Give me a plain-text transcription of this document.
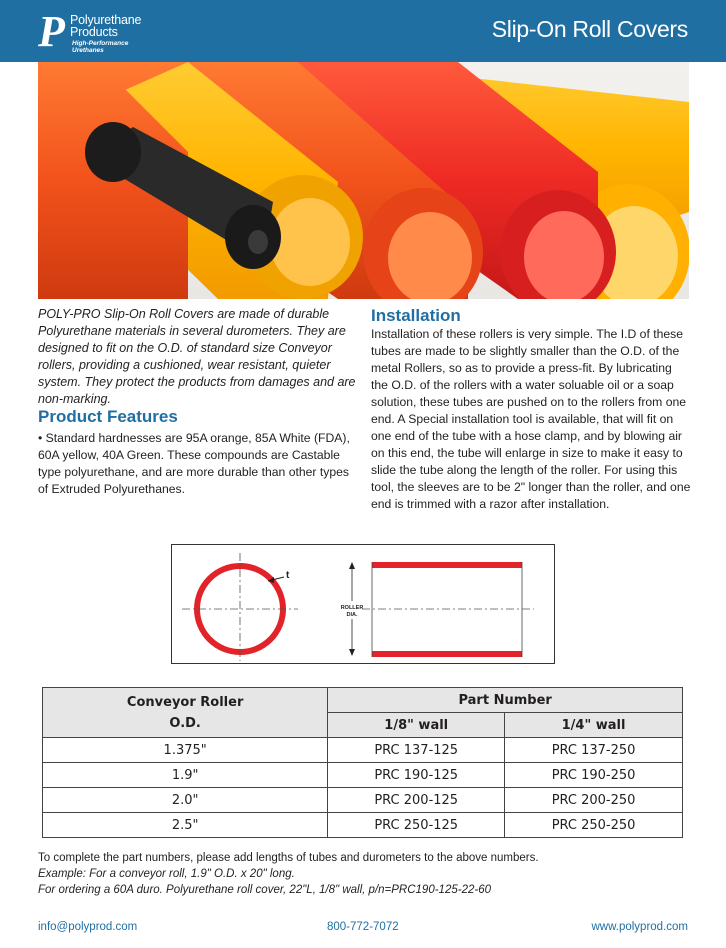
P Polyurethane
Products
High-Performance
Urethanes
Slip-On Roll Covers
POLY-PRO Slip-On Roll Covers are made of durable Polyurethane materials in several durometers. They are designed to fit on the O.D. of standard size Conveyor rollers, providing a cushioned, wear resistant, quieter system. They protect the products from damages and are non-marking.
Product Features
• Standard hardnesses are 95A orange, 85A White (FDA), 60A yellow, 40A Green. These compounds are Castable type polyurethane, and are more durable than other types of Extruded Polyurethanes.
Installation
Installation of these rollers is very simple. The I.D of these tubes are made to be slightly smaller than the O.D. of the metal Rollers, so as to provide a press-fit. By lubricating the O.D. of the rollers with a water soluable oil or a soap solution, these tubes are pushed on to the rollers from one end. A Special installation tool is available, that will fit on one end of the tube with a hose clamp, and by blowing air on this end, the tube will enlarge in size to make it easy to slide the tube along the length of the roller. For using this tool, the sleeves are to be 2" longer than the roller, and one end is trimmed with a razor after installation.
t
ROLLER
DIA.
Conveyor Roller
O.D.	Part Number	
	1/8" wall	1/4" wall
1.375"	PRC 137-125	PRC 137-250
1.9"	PRC 190-125	PRC 190-250
2.0"	PRC 200-125	PRC 200-250
2.5"	PRC 250-125	PRC 250-250
To complete the part numbers, please add lengths of tubes and durometers to the above numbers.
Example: For a conveyor roll, 1.9" O.D. x 20" long.
For ordering a 60A duro. Polyurethane roll cover, 22"L, 1/8" wall, p/n=PRC190-125-22-60
info@polyprod.com	800-772-7072	www.polyprod.com
